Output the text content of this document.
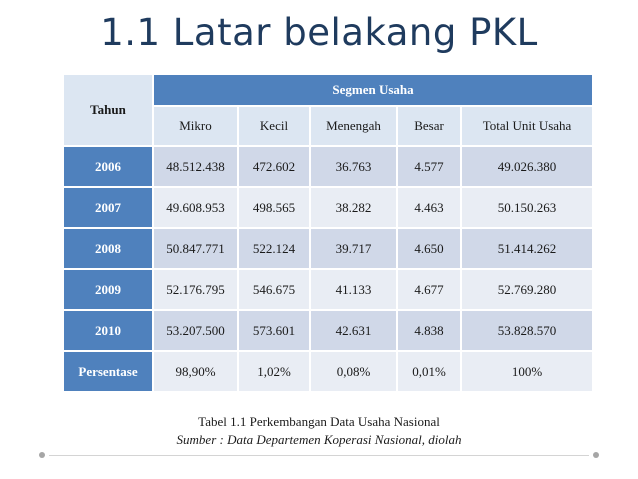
1.1 Latar belakang PKL
Tahun	Segmen Usaha				
	Mikro	Kecil	Menengah	Besar	Total Unit Usaha
2006	48.512.438	472.602	36.763	4.577	49.026.380
2007	49.608.953	498.565	38.282	4.463	50.150.263
2008	50.847.771	522.124	39.717	4.650	51.414.262
2009	52.176.795	546.675	41.133	4.677	52.769.280
2010	53.207.500	573.601	42.631	4.838	53.828.570
Persentase	98,90%	1,02%	0,08%	0,01%	100%
Tabel 1.1 Perkembangan Data Usaha Nasional
Sumber : Data Departemen Koperasi Nasional, diolah
